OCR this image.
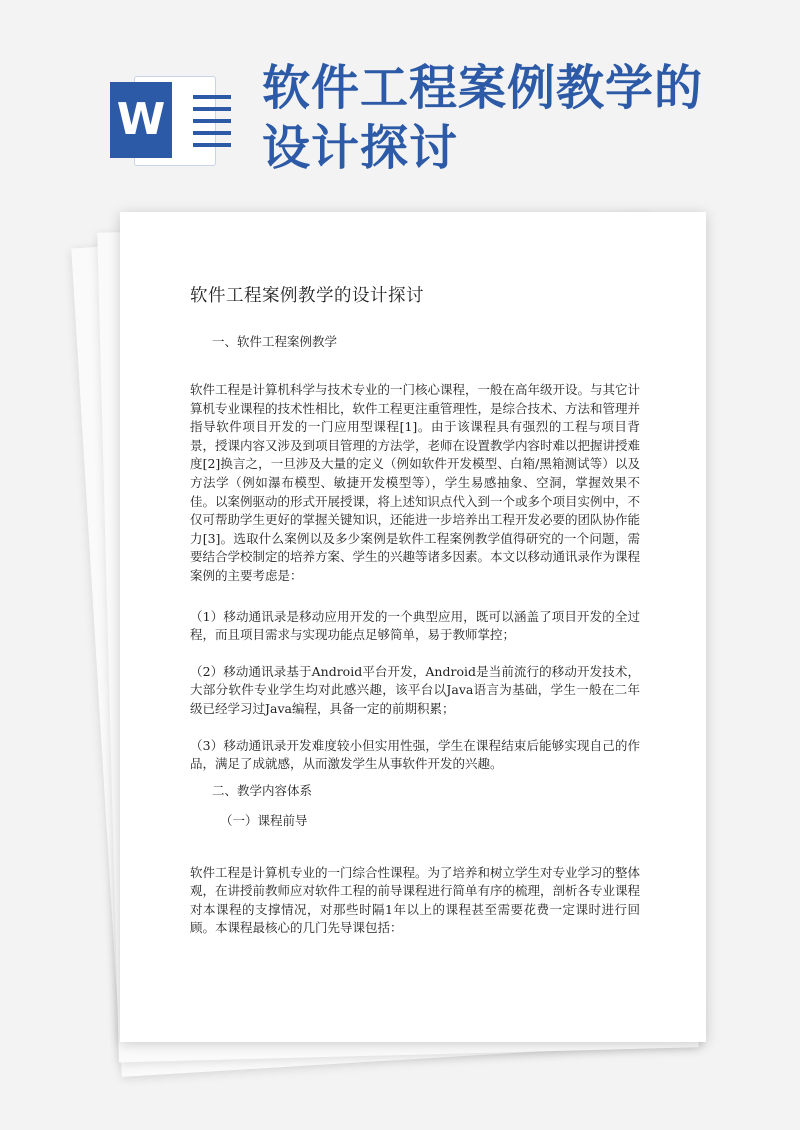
W
软件工程案例教学的设计探讨
软件工程案例教学的设计探讨

一、软件工程案例教学

软件工程是计算机科学与技术专业的一门核心课程，一般在高年级开设。与其它计算机专业课程的技术性相比，软件工程更注重管理性，是综合技术、方法和管理并指导软件项目开发的一门应用型课程[1]。由于该课程具有强烈的工程与项目背景，授课内容又涉及到项目管理的方法学，老师在设置教学内容时难以把握讲授难度[2]换言之，一旦涉及大量的定义（例如软件开发模型、白箱/黑箱测试等）以及方法学（例如瀑布模型、敏捷开发模型等），学生易感抽象、空洞，掌握效果不佳。以案例驱动的形式开展授课，将上述知识点代入到一个或多个项目实例中，不仅可帮助学生更好的掌握关键知识，还能进一步培养出工程开发必要的团队协作能力[3]。选取什么案例以及多少案例是软件工程案例教学值得研究的一个问题，需要结合学校制定的培养方案、学生的兴趣等诸多因素。本文以移动通讯录作为课程案例的主要考虑是：

（1）移动通讯录是移动应用开发的一个典型应用，既可以涵盖了项目开发的全过程，而且项目需求与实现功能点足够简单，易于教师掌控；

（2）移动通讯录基于Android平台开发，Android是当前流行的移动开发技术，大部分软件专业学生均对此感兴趣，该平台以Java语言为基础，学生一般在二年级已经学习过Java编程，具备一定的前期积累；

（3）移动通讯录开发难度较小但实用性强，学生在课程结束后能够实现自己的作品，满足了成就感，从而激发学生从事软件开发的兴趣。

二、教学内容体系

（一）课程前导

软件工程是计算机专业的一门综合性课程。为了培养和树立学生对专业学习的整体观，在讲授前教师应对软件工程的前导课程进行简单有序的梳理，剖析各专业课程对本课程的支撑情况，对那些时隔1年以上的课程甚至需要花费一定课时进行回顾。本课程最核心的几门先导课包括：
